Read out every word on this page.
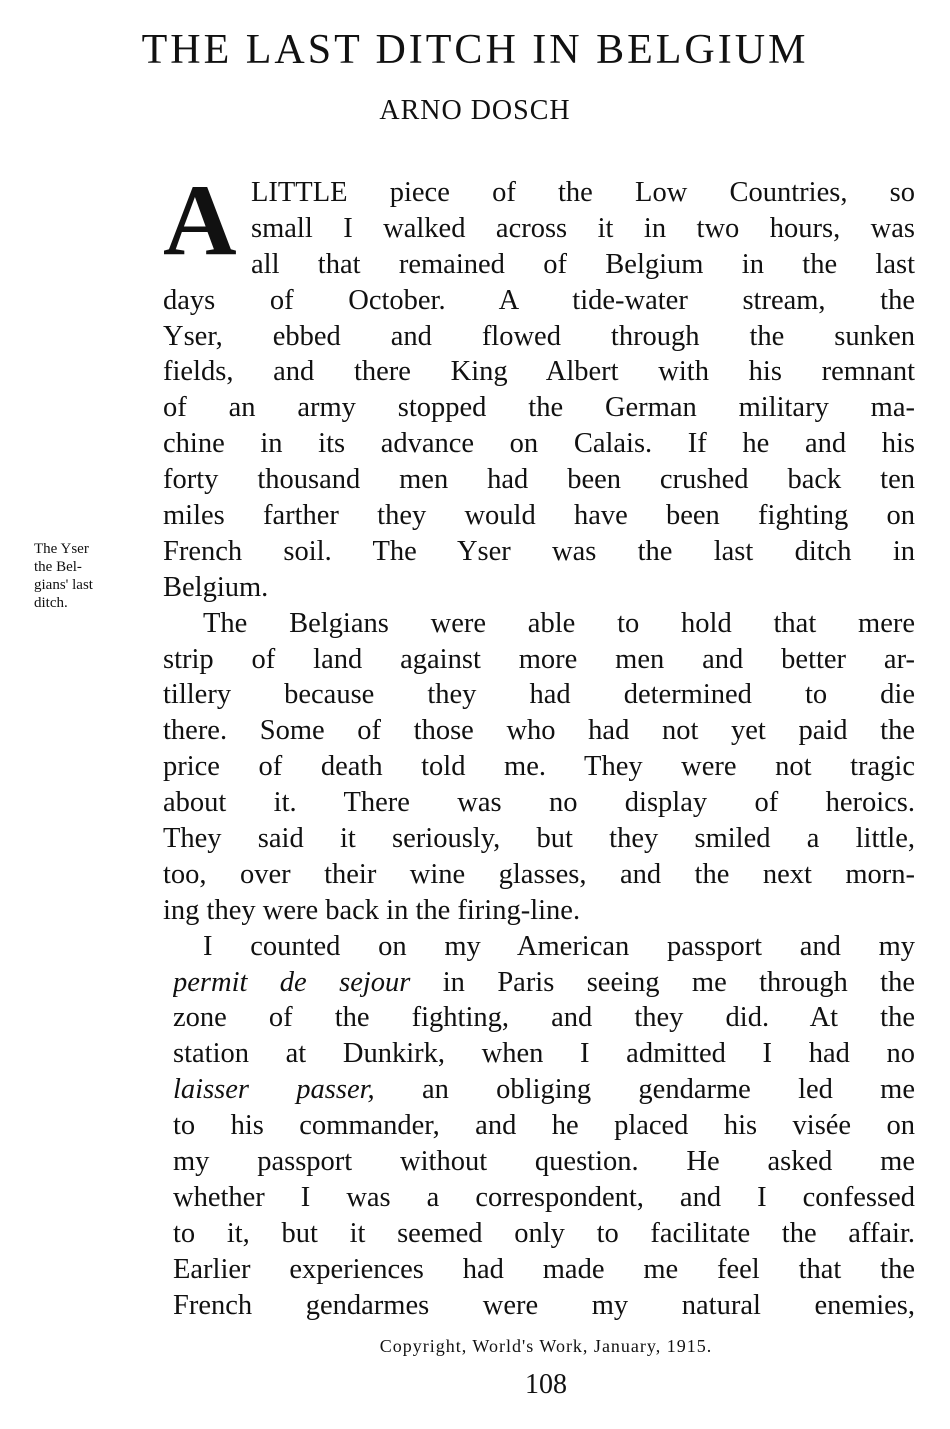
THE LAST DITCH IN BELGIUM
ARNO DOSCH
The Yser
the Bel-
gians' last
ditch.
A LITTLE piece of the Low Countries, so
small I walked across it in two hours, was
all that remained of Belgium in the last
days of October. A tide-water stream, the
Yser, ebbed and flowed through the sunken
fields, and there King Albert with his remnant
of an army stopped the German military ma-
chine in its advance on Calais. If he and his
forty thousand men had been crushed back ten
miles farther they would have been fighting on
French soil. The Yser was the last ditch in
Belgium.
The Belgians were able to hold that mere
strip of land against more men and better ar-
tillery because they had determined to die
there. Some of those who had not yet paid the
price of death told me. They were not tragic
about it. There was no display of heroics.
They said it seriously, but they smiled a little,
too, over their wine glasses, and the next morn-
ing they were back in the firing-line.
I counted on my American passport and my
permit de sejour in Paris seeing me through the
zone of the fighting, and they did. At the
station at Dunkirk, when I admitted I had no
laisser passer, an obliging gendarme led me
to his commander, and he placed his visée on
my passport without question. He asked me
whether I was a correspondent, and I confessed
to it, but it seemed only to facilitate the affair.
Earlier experiences had made me feel that the
French gendarmes were my natural enemies,
Copyright, World's Work, January, 1915.
108
